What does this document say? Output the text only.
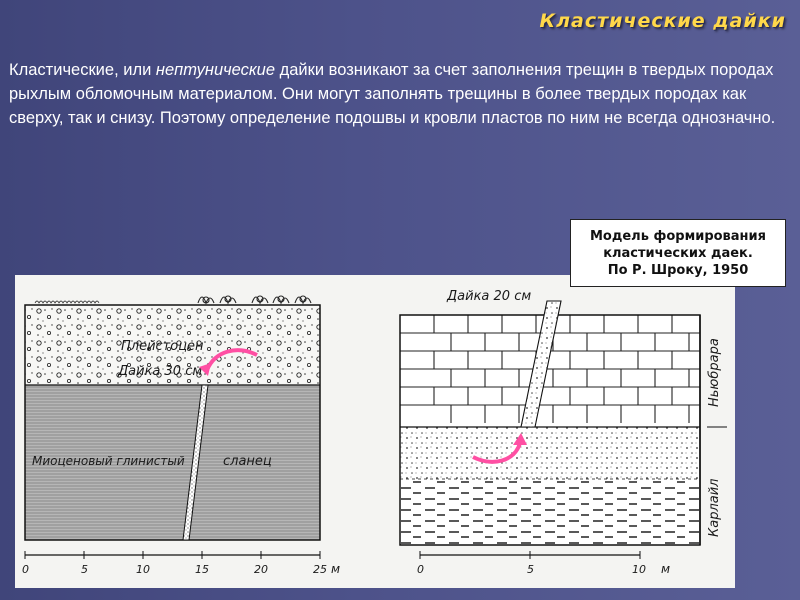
Кластические дайки
Кластические, или нептунические дайки возникают за счет заполнения трещин в твердых породах рыхлым обломочным материалом. Они могут заполнять трещины в более твердых породах как сверху, так и снизу. Поэтому определение подошвы и кровли пластов по ним не всегда однозначно.
Модель формирования
кластических даек.
По Р. Шроку, 1950
Плейстоцен
Дайка 30 см
Миоценовый глинистый	сланец
0	5	10	15	20	25 м
Дайка 20 см
Ньюбрара
Карлайл
0	5	10 м
